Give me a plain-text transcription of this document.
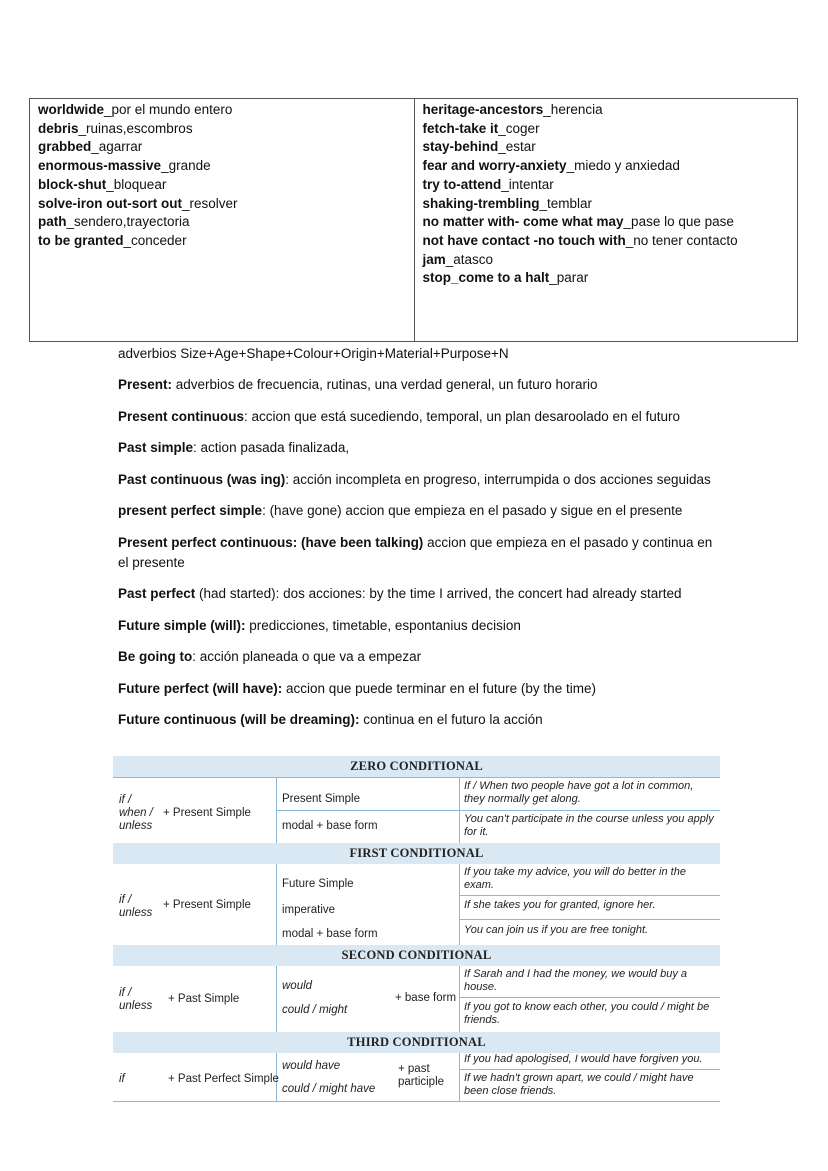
worldwide_por el mundo entero
debris_ruinas,escombros
grabbed_agarrar
enormous-massive_grande
block-shut_bloquear
solve-iron out-sort out_resolver
path_sendero,trayectoria
to be granted_conceder
heritage-ancestors_herencia
fetch-take it_coger
stay-behind_estar
fear and worry-anxiety_miedo y anxiedad
try to-attend_intentar
shaking-trembling_temblar
no matter with- come what may_pase lo que pase
not have contact -no touch with_no tener contacto
jam_atasco
stop_come to a halt_parar

adverbios Size+Age+Shape+Colour+Origin+Material+Purpose+N

Present: adverbios de frecuencia, rutinas, una verdad general, un futuro horario

Present continuous: accion que está sucediendo, temporal, un plan desaroolado en el futuro

Past simple: action pasada finalizada,

Past continuous (was ing): acción incompleta en progreso, interrumpida o dos acciones seguidas

present perfect simple: (have gone) accion que empieza en el pasado y sigue en el presente

Present perfect continuous: (have been talking) accion que empieza en el pasado y continua en el presente

Past perfect (had started): dos acciones: by the time I arrived, the concert had already started

Future simple (will): predicciones, timetable, espontanius decision

Be going to: acción planeada o que va a empezar

Future perfect (will have): accion que puede terminar en el future (by the time)

Future continuous (will be dreaming): continua en el futuro la acción

ZERO CONDITIONAL
if / when / unless
+ Present Simple
Present Simple
modal + base form
If / When two people have got a lot in common, they normally get along.
You can't participate in the course unless you apply for it.
FIRST CONDITIONAL
if / unless
+ Present Simple
Future Simple
imperative
modal + base form
If you take my advice, you will do better in the exam.
If she takes you for granted, ignore her.
You can join us if you are free tonight.
SECOND CONDITIONAL
if / unless
+ Past Simple
would
could / might
+ base form
If Sarah and I had the money, we would buy a house.
If you got to know each other, you could / might be friends.
THIRD CONDITIONAL
if	+ Past Perfect Simple
would have
could / might have
+ past participle
If you had apologised, I would have forgiven you.
If we hadn't grown apart, we could / might have been close friends.
